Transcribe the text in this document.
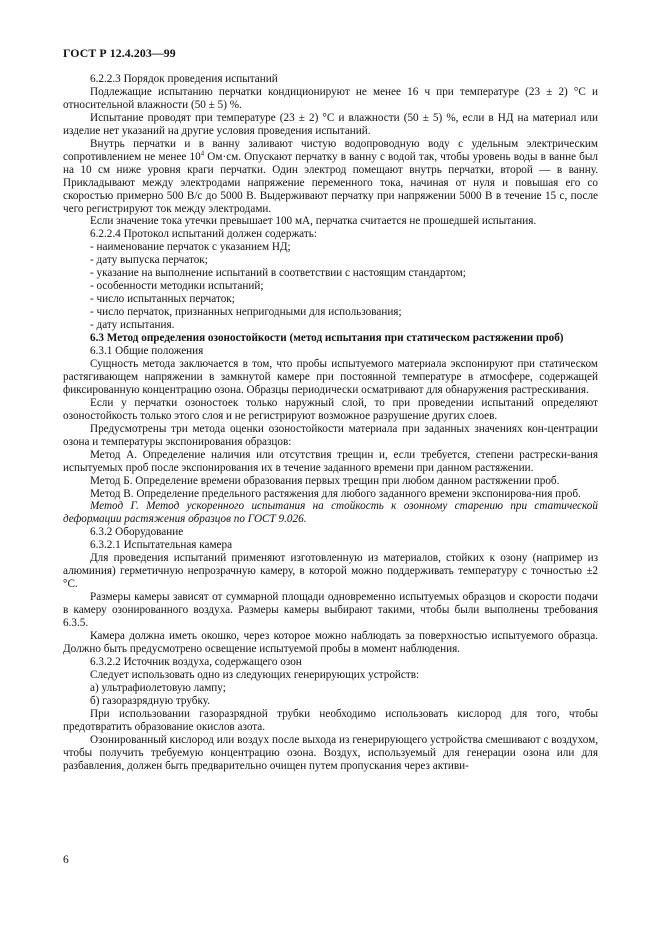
ГОСТ Р 12.4.203—99

6.2.2.3 Порядок проведения испытаний

Подлежащие испытанию перчатки кондиционируют не менее 16 ч при температуре (23 ± 2) °С и относительной влажности (50 ± 5) %.

Испытание проводят при температуре (23 ± 2) °С и влажности (50 ± 5) %, если в НД на материал или изделие нет указаний на другие условия проведения испытаний.

Внутрь перчатки и в ванну заливают чистую водопроводную воду с удельным электрическим сопротивлением не менее $10^4$ Ом·см. Опускают перчатку в ванну с водой так, чтобы уровень воды в ванне был на 10 см ниже уровня краги перчатки. Один электрод помещают внутрь перчатки, второй — в ванну. Прикладывают между электродами напряжение переменного тока, начиная от нуля и повышая его со скоростью примерно 500 В/с до 5000 В. Выдерживают перчатку при напряжении 5000 В в течение 15 с, после чего регистрируют ток между электродами.

Если значение тока утечки превышает 100 мА, перчатка считается не прошедшей испытания.

6.2.2.4 Протокол испытаний должен содержать:

- наименование перчаток с указанием НД;

- дату выпуска перчаток;

- указание на выполнение испытаний в соответствии с настоящим стандартом;

- особенности методики испытаний;

- число испытанных перчаток;

- число перчаток, признанных непригодными для использования;

- дату испытания.

6.3 Метод определения озоностойкости (метод испытания при статическом растяжении проб)

6.3.1 Общие положения

Сущность метода заключается в том, что пробы испытуемого материала экспонируют при статическом растягивающем напряжении в замкнутой камере при постоянной температуре в атмосфере, содержащей фиксированную концентрацию озона. Образцы периодически осматривают для обнаружения растрескивания.

Если у перчатки озоностоек только наружный слой, то при проведении испытаний определяют озоностойкость только этого слоя и не регистрируют возможное разрушение других слоев.

Предусмотрены три метода оценки озоностойкости материала при заданных значениях кон-центрации озона и температуры экспонирования образцов:

Метод А. Определение наличия или отсутствия трещин и, если требуется, степени растрески-вания испытуемых проб после экспонирования их в течение заданного времени при данном растяжении.

Метод Б. Определение времени образования первых трещин при любом данном растяжении проб.

Метод В. Определение предельного растяжения для любого заданного времени экспонирова-ния проб.

Метод Г. Метод ускоренного испытания на стойкость к озонному старению при статической деформации растяжения образцов по ГОСТ 9.026.

6.3.2 Оборудование

6.3.2.1 Испытательная камера

Для проведения испытаний применяют изготовленную из материалов, стойких к озону (например из алюминия) герметичную непрозрачную камеру, в которой можно поддерживать температуру с точностью ±2 °С.

Размеры камеры зависят от суммарной площади одновременно испытуемых образцов и скорости подачи в камеру озонированного воздуха. Размеры камеры выбирают такими, чтобы были выполнены требования 6.3.5.

Камера должна иметь окошко, через которое можно наблюдать за поверхностью испытуемого образца. Должно быть предусмотрено освещение испытуемой пробы в момент наблюдения.

6.3.2.2 Источник воздуха, содержащего озон

Следует использовать одно из следующих генерирующих устройств:

а) ультрафиолетовую лампу;

б) газоразрядную трубку.

При использовании газоразрядной трубки необходимо использовать кислород для того, чтобы предотвратить образование окислов азота.

Озонированный кислород или воздух после выхода из генерирующего устройства смешивают с воздухом, чтобы получить требуемую концентрацию озона. Воздух, используемый для генерации озона или для разбавления, должен быть предварительно очищен путем пропускания через активи-

6
